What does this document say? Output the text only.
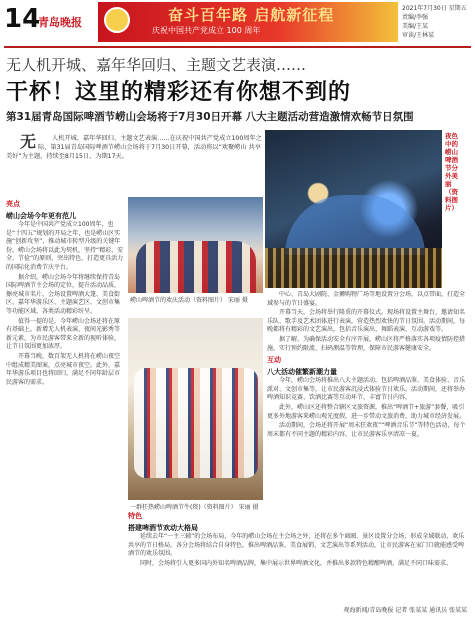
14
青岛晚报	奋斗百年路 启航新征程
庆祝中国共产党成立 100 周年
2021年7月30日 星期五
责编/李强
美编/王某
审读/王林某
无人机开城、嘉年华回归、主题文艺表演……
干杯！这里的精彩还有你想不到的
第31届青岛国际啤酒节崂山会场将于7月30日开幕 八大主题活动营造激情欢畅节日氛围
无人机开城、嘉年华回归、主题文艺表演……在庆祝中国共产党成立100周年之际，第31届青岛国际啤酒节崂山会场将于7月30日开幕，活动将以“欢聚崂山 共享美好”为主题，持续至8月15日，为期17天。
夜色中的崂山啤酒节分外美丽（资料图片）
亮点
崂山会场今年更有范儿

今年是中国共产党成立100周年，也是“十四五”规划的开局之年，也是崂山区实施“创新攻坚”、推动城市转型升级的关键年份。崂山会场将以此为契机，坚持“精彩、安全、节俭”的原则，突出特色，打造更具活力的国际化消费节庆平台。

据介绍，崂山会场今年将继续保持青岛国际啤酒节主会场的定位，提升活动品质，擦亮城市名片。会场设置啤酒大篷、美食街区、嘉年华游乐区、主题演艺区、文创市集等功能区域，各类活动精彩纷呈。

值得一提的是，今年崂山会场还将在原有基础上，新增无人机表演、夜间光影秀等新元素，为市民游客带来全新的视听体验，让节日氛围更加浓厚。

开幕当晚，数百架无人机将在崂山夜空中组成精美图案，点亮城市夜空。此外，嘉年华游乐项目也将回归，满足不同年龄层市民游客的需求。

崂山啤酒节的欢庆活动（资料图片） 宋丽 摄
一群狂热崂山啤酒节牛(资)（资料图片） 宋丽 摄

中心、青岛大剧院、金狮购物广场等地设置分会场，以点带面，打造全域参与的节日盛宴。

开幕当天，会场将举行隆重的开幕仪式。现场将设置主舞台，邀请知名乐队、歌手及艺术团体进行表演，营造热烈欢快的节日氛围。活动期间，每晚都将有精彩的文艺演出，包括音乐演出、舞蹈表演、互动游戏等。

据了解，为确保活动安全有序开展，崂山区将严格落实各项疫情防控措施，实行预约限流、扫码测温等管理，保障市民游客健康安全。

互动
八大活动催繁新潮力量

今年，崂山会场将推出八大主题活动，包括啤酒品鉴、美食体验、音乐派对、文创市集等，让市民游客沉浸式体验节日欢乐。活动期间，还将举办啤酒知识竞赛、饮酒比赛等互动环节，丰富节日内容。

此外，崂山区还将整合辖区文旅资源，推出“啤酒节+旅游”套餐，吸引更多外地游客来崂山观光度假，进一步带动文旅消费，助力城市经济发展。

活动期间，会场还将开展“周末狂欢夜”“啤酒音乐节”等特色活动，每个周末都有不同主题的精彩内容，让市民游客乐享清凉一夏。

特色
搭建啤酒节欢动大格局

延续去年“一主三辅”的会场布局，今年的崂山会场在主会场之外，还将在多个商圈、景区设置分会场，形成全域联动、欢乐共享的节日格局。各分会场将结合自身特色，推出啤酒品鉴、美食展销、文艺演出等系列活动，让市民游客在家门口就能感受啤酒节的欢乐氛围。

同时，会场将引入更多国内外知名啤酒品牌，集中展示世界啤酒文化，并推出多款特色精酿啤酒，满足不同口味需求。

观海新闻/青岛晚报 记者 张某某 通讯员 张某某
